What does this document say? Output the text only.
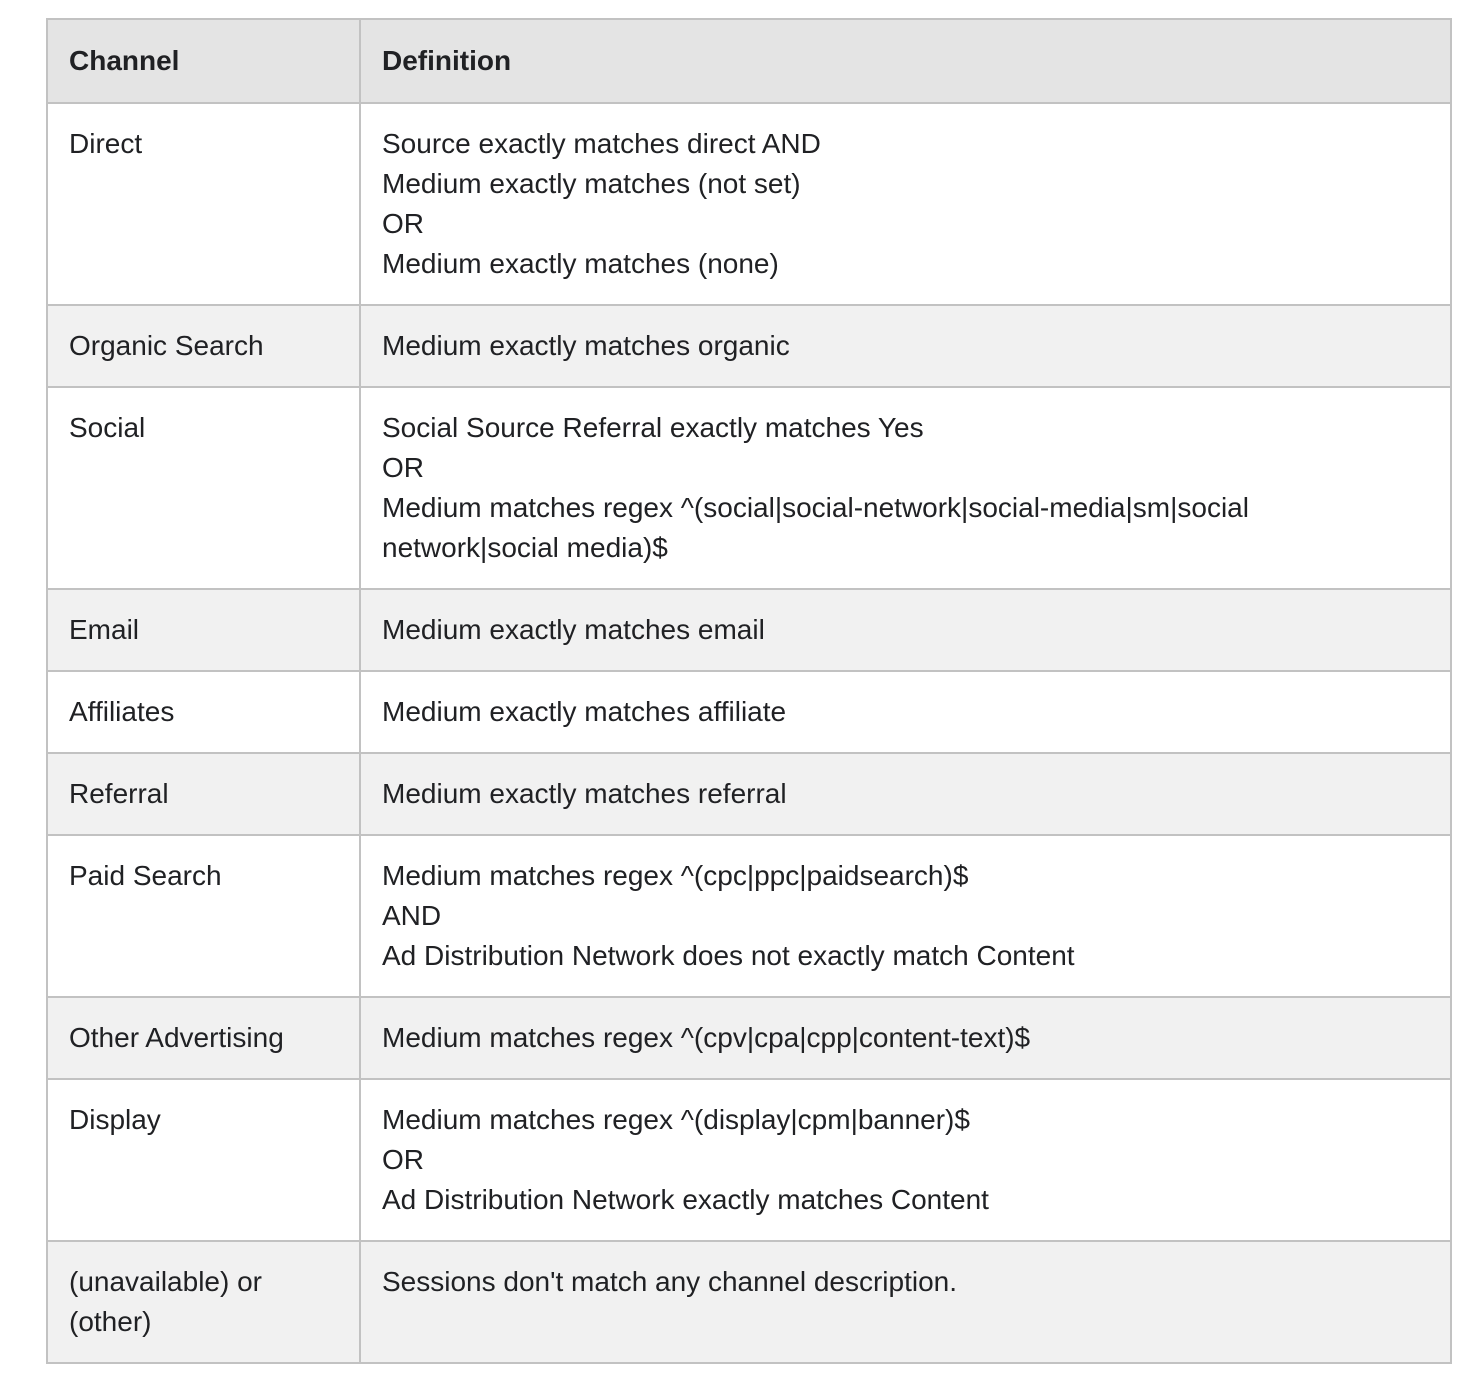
Channel	Definition
Direct	Source exactly matches direct AND
Medium exactly matches (not set)
OR
Medium exactly matches (none)

Organic Search	Medium exactly matches organic

Social	Social Source Referral exactly matches Yes
OR
Medium matches regex ^(social|social-network|social-media|sm|social network|social media)$

Email	Medium exactly matches email

Affiliates	Medium exactly matches affiliate

Referral	Medium exactly matches referral

Paid Search	Medium matches regex ^(cpc|ppc|paidsearch)$
AND
Ad Distribution Network does not exactly match Content

Other Advertising	Medium matches regex ^(cpv|cpa|cpp|content-text)$

Display	Medium matches regex ^(display|cpm|banner)$
OR
Ad Distribution Network exactly matches Content

(unavailable) or (other)	Sessions don't match any channel description.
